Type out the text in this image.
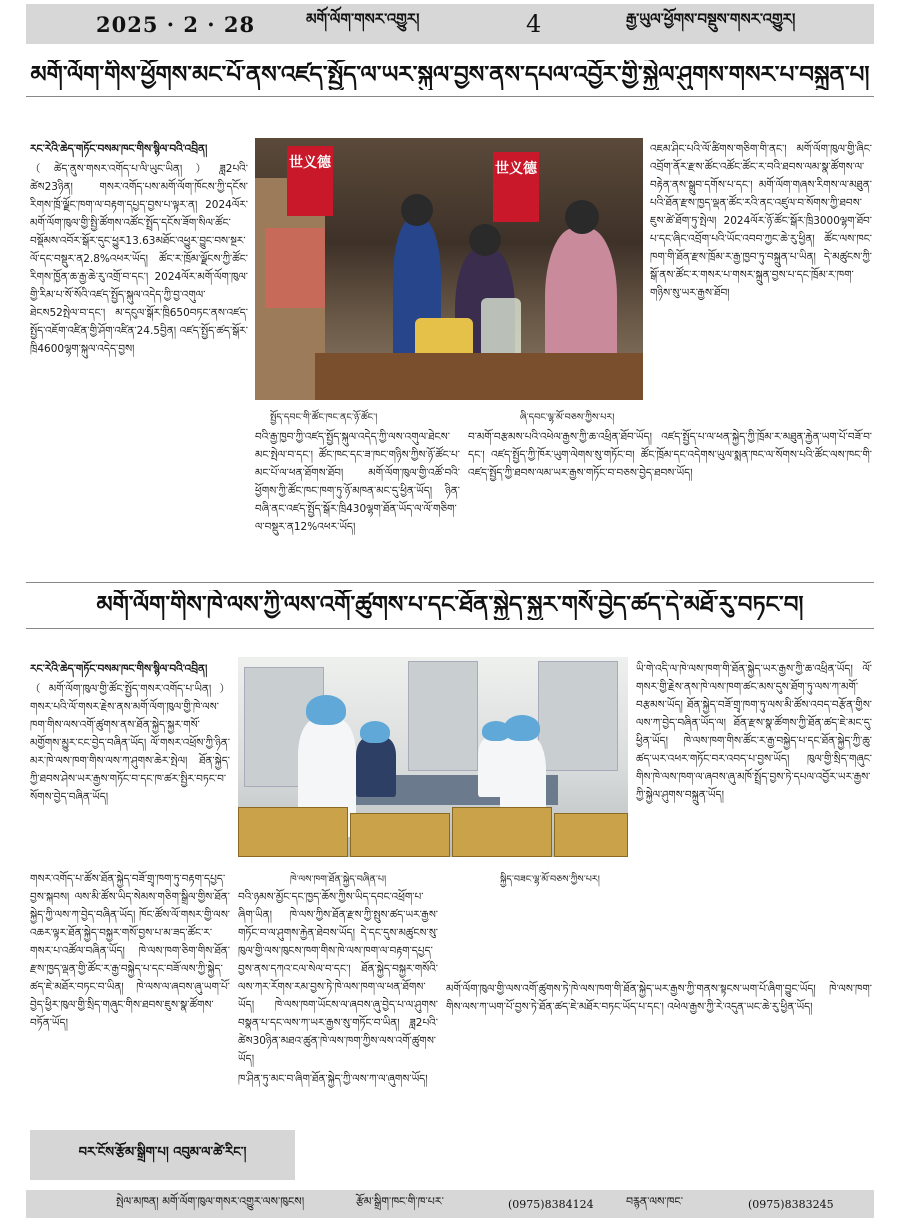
2025 · 2 · 28	མགོ་ལོག་གསར་འགྱུར།	4	རྒྱ་ཡུལ་ཕྱོགས་བསྡུས་གསར་འགྱུར།
མགོ་ལོག་གིས་ཕྱོགས་མང་པོ་ནས་འཛད་སྤྱོད་ལ་ཡར་སྐུལ་བྱས་ནས་དཔལ་འབྱོར་གྱི་སྐྱེལ་ཤུགས་གསར་པ་བསྐྲུན་པ།

རང་རེའི་ཆེད་གཏོང་བསམ་ཁང་གིས་སྙིལ་བའི་འབྲིན།

（ཚེད་ནུས་གསར་འགོད་པ་ལི་ཡུང་ཡིན།）ཟླ2པའི་ཚེས23ཉིན། གསར་འགོད་པས་མགོ་ལོག་ཁོངས་ཀྱི་དངོས་རིགས་ཁྲོ་ལྗོང་ཁག་ལ་བརྟག་དཔྱད་བྱས་པ་ལྟར་ན། 2024ལོར་མགོ་ལོག་ཁུལ་གྱི་སྤྱི་ཚོགས་འཚོང་སྤྲོད་དངོས་ཟོག་སིལ་ཚོང་བསྡོམས་འབོར་སྒོར་དུང་ཕྱུར13.63མཐོང་འཕྱུར་བྱུང་བས་སྔར་ལོ་དང་བསྡུར་ན2.8%འཕར་ཡོད། ཚོང་ར་ཁྲོམ་ལྗོངས་ཀྱི་ཚོང་རིགས་ཁྱོན་ཆ་རྒྱ་ཆེ་རུ་འགྲོ་བ་དང་། 2024ལོར་མགོ་ལོག་ཁུལ་གྱི་རིམ་པ་སོ་སོའི་འཛད་སྤྱོད་སྐུལ་འདེད་ཀྱི་བྱ་འགུལ་ཐེངས52སྤེལ་བ་དང་། མ་དངུལ་སྒོར་ཁྲི650བཏང་ནས་འཛད་སྤྱོད་འཇོག་འཛིན་གྱི་ཤོག་འཛིན་24.5བྱིན། འཛད་སྤྱོད་ཚད་སྒོར་ཁྲི4600ལྷག་སྐུལ་འདེད་བྱས།

世义德	世义德
སྤྱོད་དབང་གི་ཚོང་ཁང་ནང་ཉོ་ཚོང་།	ཞི་དབང་ལྷ་མོ་བཅས་ཀྱིས་པར།

འཇམ་ཤིང་པའི་ལོ་ཚིགས་གཅིག་གི་ནང་། མགོ་ལོག་ཁུལ་གྱི་ཞིང་འབྲོག་ནོར་རྫས་ཚོང་འཚོང་ཚོང་ར་བའི་ཐབས་ལམ་སྣ་ཚོགས་ལ་བརྟེན་ནས་སྒྲུབ་དགོས་པ་དང་། མགོ་ལོག་གཞས་རིགས་ལ་མཐུན་པའི་ཐོན་རྫས་ཁྱད་ལྡན་ཚོང་རའི་ནང་འཛུལ་བ་སོགས་ཀྱི་ཐབས་ཇུས་ཚེ་ཐོག་ཏུ་སྤེལ། 2024ལོར་ཉོ་ཚོང་སྒོར་ཁྲི3000ལྷག་ཐོབ་པ་དང་ཞིང་འབྲོག་པའི་ཡོང་འབབ་ཀྱང་ཆེ་རུ་ཕྱིན། ཚོང་ལས་ཁང་ཁག་གི་ཐོན་རྫས་ཁྲོམ་ར་རྒྱ་ཁྱབ་ཏུ་བསྐྲུན་པ་ཡིན། དེ་མཚུངས་ཀྱི་སྒོ་ནས་ཚོང་ར་གསར་པ་གསར་སྐྲུན་བྱས་པ་དང་ཁྲོམ་ར་ཁག་གཉིས་སུ་ཡར་རྒྱས་ཐོབ།

བའི་རྒྱ་ཁྱབ་ཀྱི་འཛད་སྤྱོད་སྐུལ་འདེད་ཀྱི་ལས་འགུལ་ཐེངས་མང་སྤེལ་བ་དང་། ཚོང་ཁང་དང་ཟ་ཁང་གཉིས་ཀྱིས་ཉོ་ཚོང་པ་མང་པོ་ལ་ཕན་ཐོགས་ཐོབ། མགོ་ལོག་ཁུལ་གྱི་འཚོ་བའི་ཕྱོགས་ཀྱི་ཚོང་ཁང་ཁག་ཏུ་ཉོ་མཁན་མང་དུ་ཕྱིན་ཡོད། ཉིན་བཞི་ནང་འཛད་སྤྱོད་སྒོར་ཁྲི430ལྷག་ཐོན་ཡོད་ལ་ལོ་གཅིག་ལ་བསྡུར་ན12%འཕར་ཡོད།

བ་མགོ་བརྩམས་པའི་འཕེལ་རྒྱས་ཀྱི་ཆ་འཕྲིན་ཐོབ་ཡོད། འཛད་སྤྱོད་པ་ལ་ཕན་སྐྱེད་ཀྱི་ཁྲོམ་ར་མཐུན་རྐྱེན་ཡག་པོ་བཟོ་བ་དང་། འཛད་སྤྱོད་ཀྱི་ཁོར་ཡུག་ལེགས་སུ་གཏོང་བ། ཚོང་ཁྲོམ་དང་འདེགས་ཡུལ་སྨན་ཁང་ལ་སོགས་པའི་ཚོང་ལས་ཁང་གི་འཛད་སྤྱོད་ཀྱི་ཐབས་ལམ་ཡར་རྒྱས་གཏོང་བ་བཅས་བྱེད་ཐབས་ཡོད།

མགོ་ལོག་གིས་ཁེ་ལས་ཀྱི་ལས་འགོ་ཚུགས་པ་དང་ཐོན་སྐྱེད་སྐྱར་གསོ་བྱེད་ཚད་དེ་མཐོ་རུ་བཏང་བ།

རང་རེའི་ཆེད་གཏོང་བསམ་ཁང་གིས་སྙིལ་བའི་འབྲིན།

（མགོ་ལོག་ཁུལ་གྱི་ཚོང་སྤྱོད་གསར་འགོད་པ་ཡིན།）གསར་པའི་ལོ་གསར་རྗེས་ནས་མགོ་ལོག་ཁུལ་གྱི་ཁེ་ལས་ཁག་གིས་ལས་འགོ་ཚུགས་ནས་ཐོན་སྐྱེད་སྐྱར་གསོ་མགྱོགས་མྱུར་ངང་བྱེད་བཞིན་ཡོད། ལོ་གསར་འཕྲོས་ཀྱི་ཉིན་མར་ཁེ་ལས་ཁག་གིས་ལས་ཀ་ཤུགས་ཆེར་སྤེལ། ཐོན་སྐྱེད་ཀྱི་ཐབས་ཤེས་ཡར་རྒྱས་གཏོང་བ་དང་ཁ་ཚར་སྤྱིར་བཏང་བ་སོགས་བྱེད་བཞིན་ཡོད།

ཁེ་ལས་ཁག་ཐོན་སྐྱེད་བཞིན་པ།	སྐྱིད་བཟང་ལྷ་མོ་བཅས་ཀྱིས་པར།

གསར་འགོད་པ་ཚོས་ཐོན་སྐྱེད་བཟོ་གྲྭ་ཁག་ཏུ་བརྟག་དཔྱད་བྱས་སྐབས། ལས་མི་ཚོས་ཡིད་སེམས་གཅིག་སྒྲིལ་གྱིས་ཐོན་སྐྱེད་ཀྱི་ལས་ཀ་བྱེད་བཞིན་ཡོད། ཁོང་ཚོས་ལོ་གསར་གྱི་ལས་འཆར་ལྟར་ཐོན་སྐྱེད་བསྐྱར་གསོ་བྱས་པ་མ་ཟད་ཚོང་ར་གསར་པ་འཚོལ་བཞིན་ཡོད། ཁེ་ལས་ཁག་ཅིག་གིས་ཐོན་རྫས་ཁྱད་ལྡན་གྱི་ཚོང་ར་རྒྱ་བསྐྱེད་པ་དང་བཟོ་ལས་ཀྱི་སྐྱེད་ཚད་ཇེ་མཐོར་བཏང་བ་ཡིན། ཁེ་ལས་ལ་ཞབས་ཞུ་ཡག་པོ་བྱེད་ཕྱིར་ཁུལ་གྱི་སྲིད་གཞུང་གིས་ཐབས་ཇུས་སྣ་ཚོགས་བཏོན་ཡོད།

བའི་ཉམས་མྱོང་དང་ཁྱད་ཆོས་ཀྱིས་ཡིད་དབང་འཕྲོག་པ་ཞིག་ཡིན། ཁེ་ལས་ཀྱིས་ཐོན་རྫས་ཀྱི་སྤུས་ཚད་ཡར་རྒྱས་གཏོང་བ་ལ་ཤུགས་རྐྱེན་ཐེབས་ཡོད། དེ་དང་དུས་མཚུངས་སུ་ཁུལ་གྱི་ལས་ཁུངས་ཁག་གིས་ཁེ་ལས་ཁག་ལ་བརྟག་དཔྱད་བྱས་ནས་དཀའ་ངལ་སེལ་བ་དང་། ཐོན་སྐྱེད་བསྐྱར་གསོའི་ལས་ཀར་རོགས་རམ་བྱས་ཏེ་ཁེ་ལས་ཁག་ལ་ཕན་ཐོགས་ཡོད། ཁེ་ལས་ཁག་ཡོངས་ལ་ཞབས་ཞུ་བྱེད་པ་ལ་ཤུགས་བསྣན་པ་དང་ལས་ཀ་ཡར་རྒྱས་སུ་གཏོང་བ་ཡིན། ཟླ2པའི་ཚེས30ཉིན་མཐའ་ཚུན་ཁེ་ལས་ཁག་ཀྱིས་ལས་འགོ་ཚུགས་ཡོད།

ཁ་ཤིན་ཏུ་མང་བ་ཞིག་ཐོན་སྐྱེད་ཀྱི་ལས་ཀ་ལ་ཞུགས་ཡོད།

ཡི་གེ་འདི་ལ་ཁེ་ལས་ཁག་གི་ཐོན་སྐྱེད་ཡར་རྒྱས་ཀྱི་ཆ་འཕྲིན་ཡོད། ལོ་གསར་གྱི་རྗེས་ནས་ཁེ་ལས་ཁག་ཚང་མས་དུས་ཐོག་ཏུ་ལས་ཀ་མགོ་བརྩམས་ཡོད། ཐོན་སྐྱེད་བཟོ་གྲྭ་ཁག་ཏུ་ལས་མི་ཚོས་འབད་བརྩོན་གྱིས་ལས་ཀ་བྱེད་བཞིན་ཡོད་ལ། ཐོན་རྫས་སྣ་ཚོགས་ཀྱི་ཐོན་ཚད་ཇེ་མང་དུ་ཕྱིན་ཡོད། ཁེ་ལས་ཁག་གིས་ཚོང་ར་རྒྱ་བསྐྱེད་པ་དང་ཐོན་སྐྱེད་ཀྱི་ཆུ་ཚད་ཡར་འཕར་གཏོང་བར་འབད་པ་བྱས་ཡོད། ཁུལ་གྱི་སྲིད་གཞུང་གིས་ཁེ་ལས་ཁག་ལ་ཞབས་ཞུ་མཁོ་སྤྲོད་བྱས་ཏེ་དཔལ་འབྱོར་ཡར་རྒྱས་ཀྱི་སྐྱེལ་ཤུགས་བསྐྲུན་ཡོད།

མགོ་ལོག་ཁུལ་གྱི་ལས་འགོ་ཚུགས་ཏེ་ཁེ་ལས་ཁག་གི་ཐོན་སྐྱེད་ཡར་རྒྱས་ཀྱི་གནས་སྟངས་ཡག་པོ་ཞིག་བྱུང་ཡོད། ཁེ་ལས་ཁག་གིས་ལས་ཀ་ཡག་པོ་བྱས་ཏེ་ཐོན་ཚད་ཇེ་མཐོར་བཏང་ཡོད་པ་དང་། འཕེལ་རྒྱས་ཀྱི་རེ་འདུན་ཡང་ཆེ་རུ་ཕྱིན་ཡོད།

བར་ངོས་རྩོམ་སྒྲིག་པ། འབུམ་ལ་ཚེ་རིང་།
སྤེལ་མཁན། མགོ་ལོག་ཁུལ་གསར་འགྱུར་ལས་ཁུངས།	རྩོམ་སྒྲིག་ཁང་གི་ཁ་པར་	(0975)8384124	བརྙན་ལས་ཁང་	(0975)8383245
